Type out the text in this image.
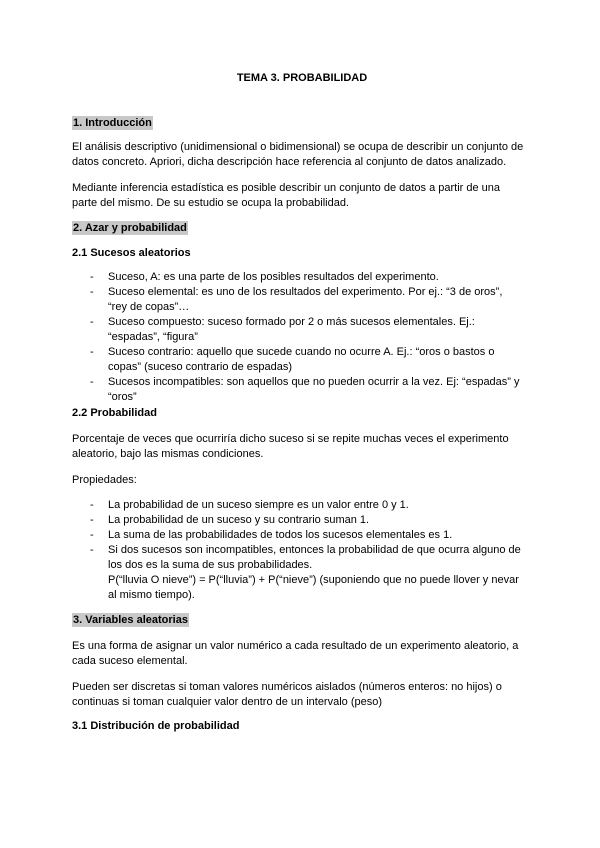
TEMA 3. PROBABILIDAD
1. Introducción

El análisis descriptivo (unidimensional o bidimensional) se ocupa de describir un conjunto de datos concreto. Apriori, dicha descripción hace referencia al conjunto de datos analizado.

Mediante inferencia estadística es posible describir un conjunto de datos a partir de una parte del mismo. De su estudio se ocupa la probabilidad.

2. Azar y probabilidad
2.1 Sucesos aleatorios
- Suceso, A: es una parte de los posibles resultados del experimento.
- Suceso elemental: es uno de los resultados del experimento. Por ej.: “3 de oros”, “rey de copas”…
- Suceso compuesto: suceso formado por 2 o más sucesos elementales. Ej.: “espadas”, “figura”
- Suceso contrario: aquello que sucede cuando no ocurre A. Ej.: “oros o bastos o copas” (suceso contrario de espadas)
- Sucesos incompatibles: son aquellos que no pueden ocurrir a la vez. Ej: “espadas” y “oros”
2.2 Probabilidad

Porcentaje de veces que ocurriría dicho suceso si se repite muchas veces el experimento aleatorio, bajo las mismas condiciones.

Propiedades:

- La probabilidad de un suceso siempre es un valor entre 0 y 1.
- La probabilidad de un suceso y su contrario suman 1.
- La suma de las probabilidades de todos los sucesos elementales es 1.
- Si dos sucesos son incompatibles, entonces la probabilidad de que ocurra alguno de los dos es la suma de sus probabilidades.
P(“lluvia O nieve”) = P(“lluvia”) + P(“nieve”) (suponiendo que no puede llover y nevar al mismo tiempo).
3. Variables aleatorias

Es una forma de asignar un valor numérico a cada resultado de un experimento aleatorio, a cada suceso elemental.

Pueden ser discretas si toman valores numéricos aislados (números enteros: no hijos) o continuas si toman cualquier valor dentro de un intervalo (peso)

3.1 Distribución de probabilidad
